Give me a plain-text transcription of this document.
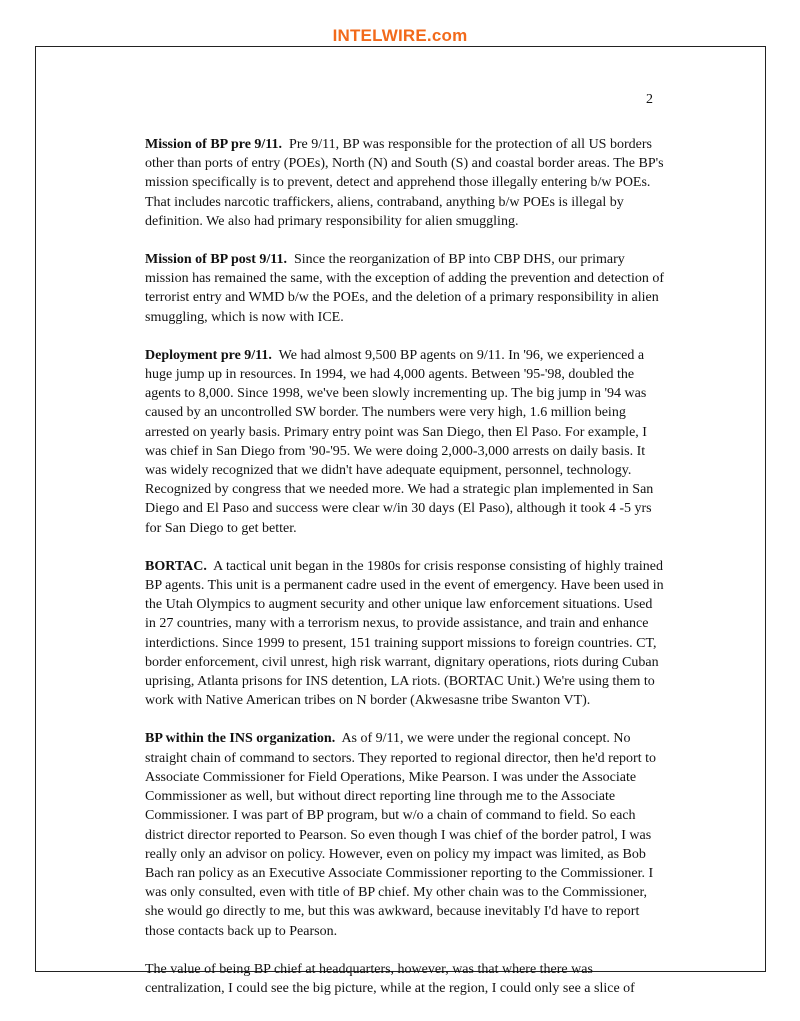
INTELWIRE.com
2

Mission of BP pre 9/11. Pre 9/11, BP was responsible for the protection of all US borders other than ports of entry (POEs), North (N) and South (S) and coastal border areas. The BP's mission specifically is to prevent, detect and apprehend those illegally entering b/w POEs. That includes narcotic traffickers, aliens, contraband, anything b/w POEs is illegal by definition. We also had primary responsibility for alien smuggling.

Mission of BP post 9/11. Since the reorganization of BP into CBP DHS, our primary mission has remained the same, with the exception of adding the prevention and detection of terrorist entry and WMD b/w the POEs, and the deletion of a primary responsibility in alien smuggling, which is now with ICE.

Deployment pre 9/11. We had almost 9,500 BP agents on 9/11. In '96, we experienced a huge jump up in resources. In 1994, we had 4,000 agents. Between '95-'98, doubled the agents to 8,000. Since 1998, we've been slowly incrementing up. The big jump in '94 was caused by an uncontrolled SW border. The numbers were very high, 1.6 million being arrested on yearly basis. Primary entry point was San Diego, then El Paso. For example, I was chief in San Diego from '90-'95. We were doing 2,000-3,000 arrests on daily basis. It was widely recognized that we didn't have adequate equipment, personnel, technology. Recognized by congress that we needed more. We had a strategic plan implemented in San Diego and El Paso and success were clear w/in 30 days (El Paso), although it took 4 -5 yrs for San Diego to get better.

BORTAC. A tactical unit began in the 1980s for crisis response consisting of highly trained BP agents. This unit is a permanent cadre used in the event of emergency. Have been used in the Utah Olympics to augment security and other unique law enforcement situations. Used in 27 countries, many with a terrorism nexus, to provide assistance, and train and enhance interdictions. Since 1999 to present, 151 training support missions to foreign countries. CT, border enforcement, civil unrest, high risk warrant, dignitary operations, riots during Cuban uprising, Atlanta prisons for INS detention, LA riots. (BORTAC Unit.) We're using them to work with Native American tribes on N border (Akwesasne tribe Swanton VT).

BP within the INS organization. As of 9/11, we were under the regional concept. No straight chain of command to sectors. They reported to regional director, then he'd report to Associate Commissioner for Field Operations, Mike Pearson. I was under the Associate Commissioner as well, but without direct reporting line through me to the Associate Commissioner. I was part of BP program, but w/o a chain of command to field. So each district director reported to Pearson. So even though I was chief of the border patrol, I was really only an advisor on policy. However, even on policy my impact was limited, as Bob Bach ran policy as an Executive Associate Commissioner reporting to the Commissioner. I was only consulted, even with title of BP chief. My other chain was to the Commissioner, she would go directly to me, but this was awkward, because inevitably I'd have to report those contacts back up to Pearson.

The value of being BP chief at headquarters, however, was that where there was centralization, I could see the big picture, while at the region, I could only see a slice of
